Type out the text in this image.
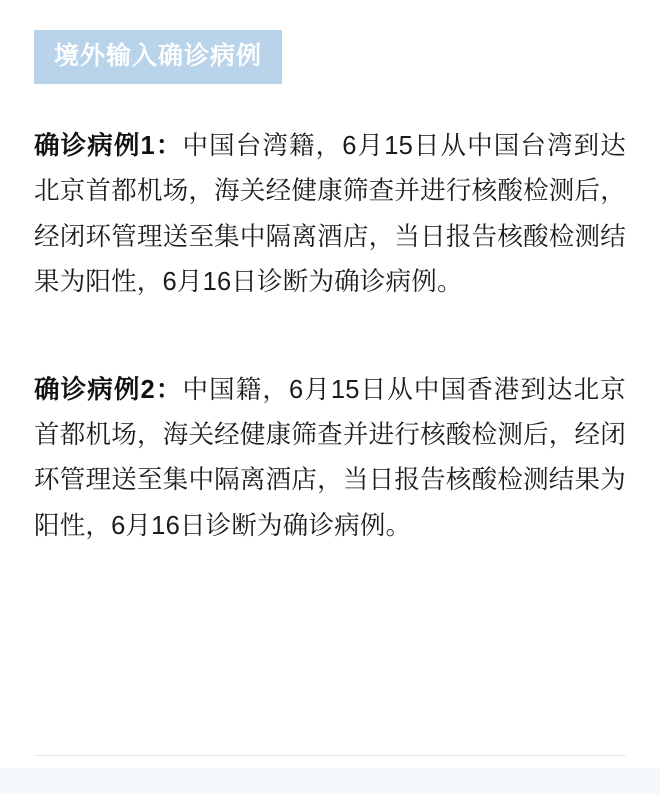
境外输入确诊病例
确诊病例1：中国台湾籍，6月15日从中国台湾到达北京首都机场，海关经健康筛查并进行核酸检测后，经闭环管理送至集中隔离酒店，当日报告核酸检测结果为阳性，6月16日诊断为确诊病例。
确诊病例2：中国籍，6月15日从中国香港到达北京首都机场，海关经健康筛查并进行核酸检测后，经闭环管理送至集中隔离酒店，当日报告核酸检测结果为阳性，6月16日诊断为确诊病例。
